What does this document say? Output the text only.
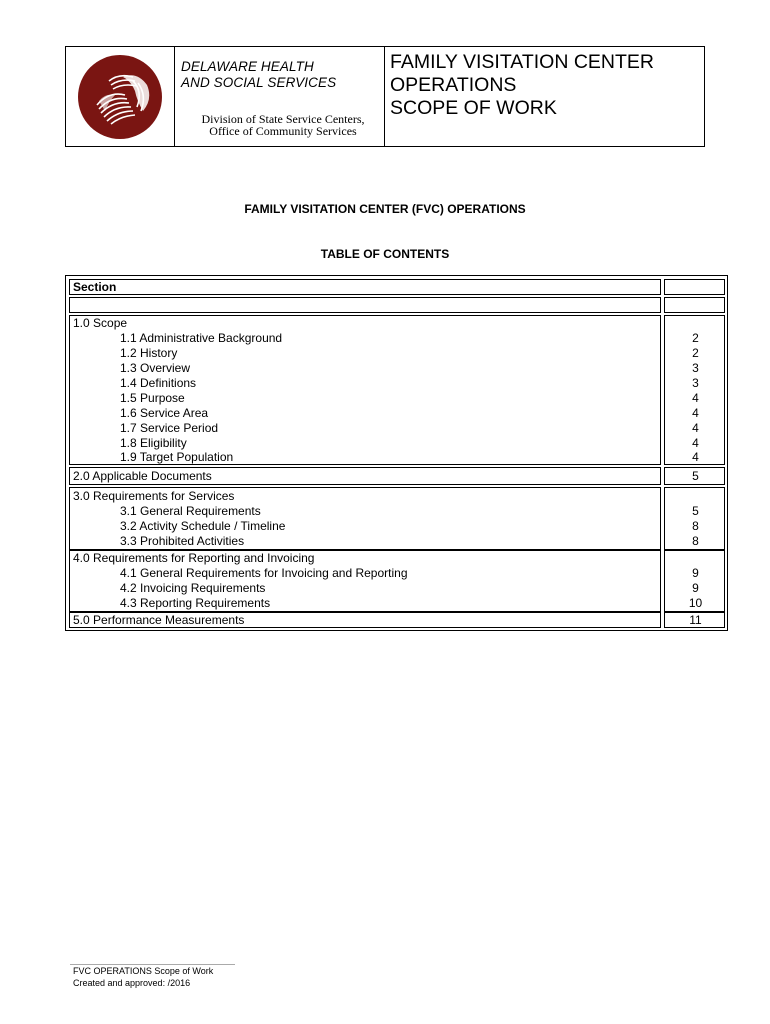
DELAWARE HEALTH
AND SOCIAL SERVICES
Division of State Service Centers,
Office of Community Services
FAMILY VISITATION CENTER
OPERATIONS
SCOPE OF WORK
FAMILY VISITATION CENTER (FVC) OPERATIONS
TABLE OF CONTENTS
Section
1.0 Scope
1.1 Administrative Background
1.2 History
1.3 Overview
1.4 Definitions
1.5 Purpose
1.6 Service Area
1.7 Service Period
1.8 Eligibility
1.9 Target Population
2
2
3
3
4
4
4
4
4
2.0 Applicable Documents	5
3.0 Requirements for Services
3.1 General Requirements
3.2 Activity Schedule / Timeline
3.3 Prohibited Activities
5
8
8
4.0 Requirements for Reporting and Invoicing
4.1 General Requirements for Invoicing and Reporting
4.2 Invoicing Requirements
4.3 Reporting Requirements
9
9
10
5.0 Performance Measurements	11
FVC OPERATIONS Scope of Work
Created and approved: /2016
